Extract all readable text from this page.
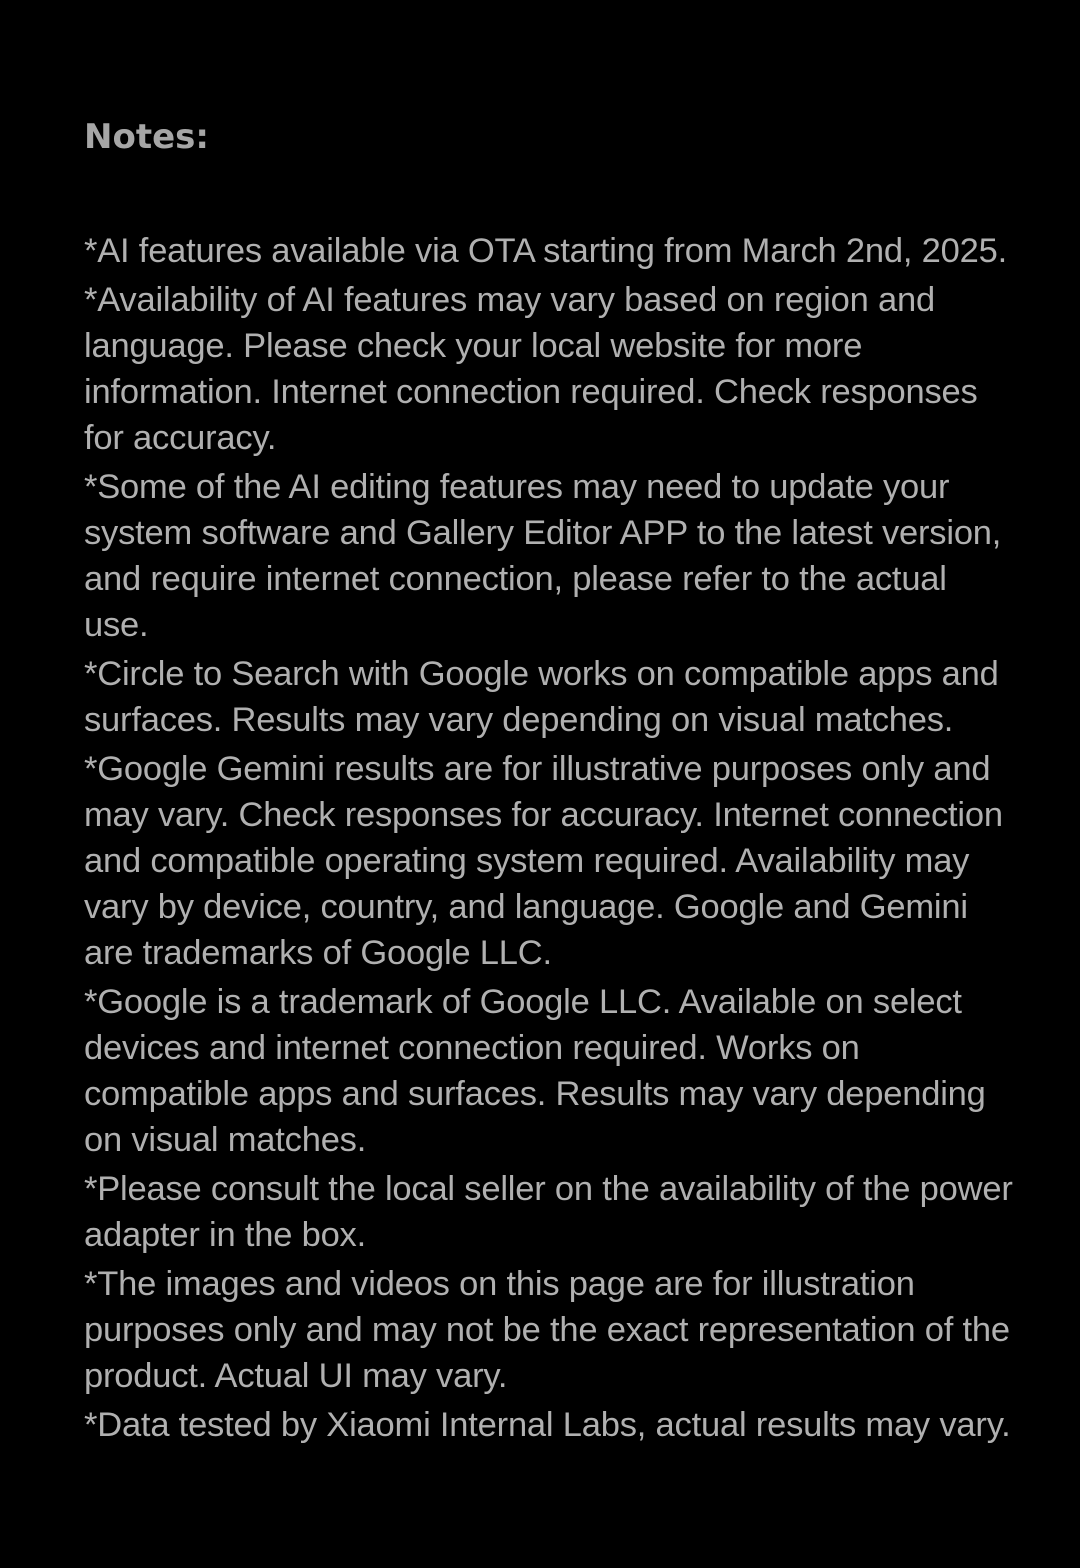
Notes:
*AI features available via OTA starting from March 2nd, 2025.
*Availability of AI features may vary based on region and language. Please check your local website for more information. Internet connection required. Check responses for accuracy.
*Some of the AI editing features may need to update your system software and Gallery Editor APP to the latest version, and require internet connection, please refer to the actual use.
*Circle to Search with Google works on compatible apps and surfaces. Results may vary depending on visual matches.
*Google Gemini results are for illustrative purposes only and may vary. Check responses for accuracy. Internet connection and compatible operating system required. Availability may vary by device, country, and language. Google and Gemini are trademarks of Google LLC.
*Google is a trademark of Google LLC. Available on select devices and internet connection required. Works on compatible apps and surfaces. Results may vary depending on visual matches.
*Please consult the local seller on the availability of the power adapter in the box.
*The images and videos on this page are for illustration purposes only and may not be the exact representation of the product. Actual UI may vary.
*Data tested by Xiaomi Internal Labs, actual results may vary.
